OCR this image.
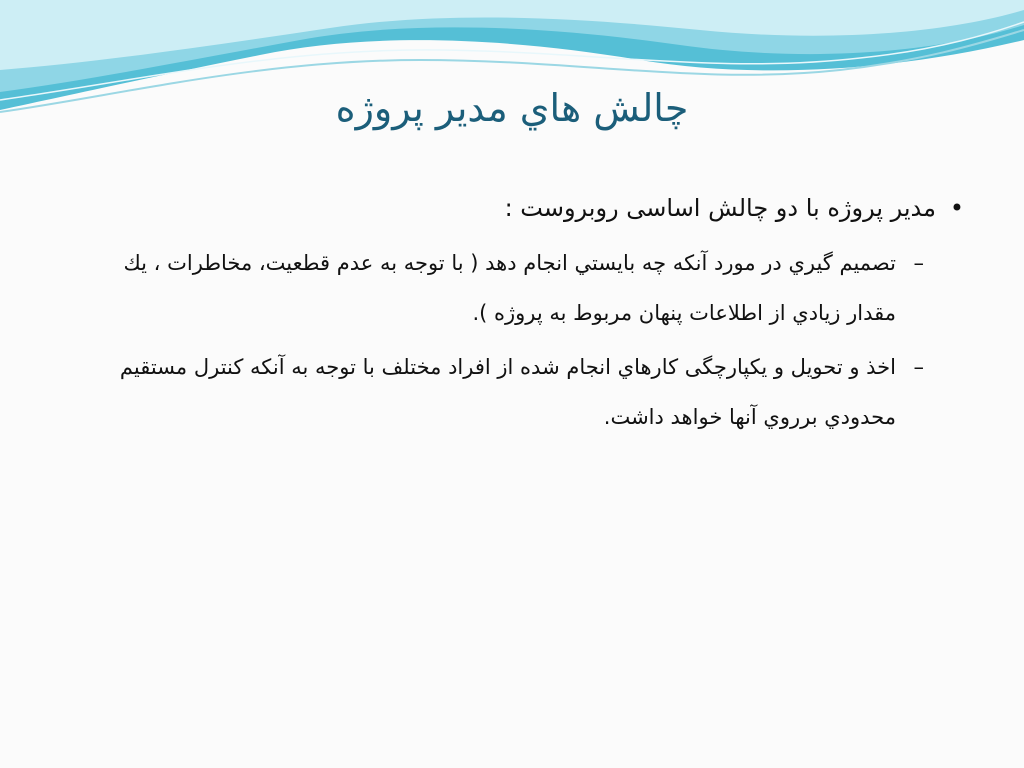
چالش هاي مدير پروژه
•
مدیر پروژه با دو چالش اساسی روبروست :
–
تصميم گيري در مورد آنكه چه بايستي انجام دهد ( با توجه به عدم قطعيت، مخاطرات ، يك مقدار زيادي از اطلاعات پنهان مربوط به پروژه ).
–
اخذ و تحويل و يكپارچگی كارهاي انجام شده از افراد مختلف با توجه به آنكه كنترل مستقيم محدودي برروي آنها خواهد داشت.
